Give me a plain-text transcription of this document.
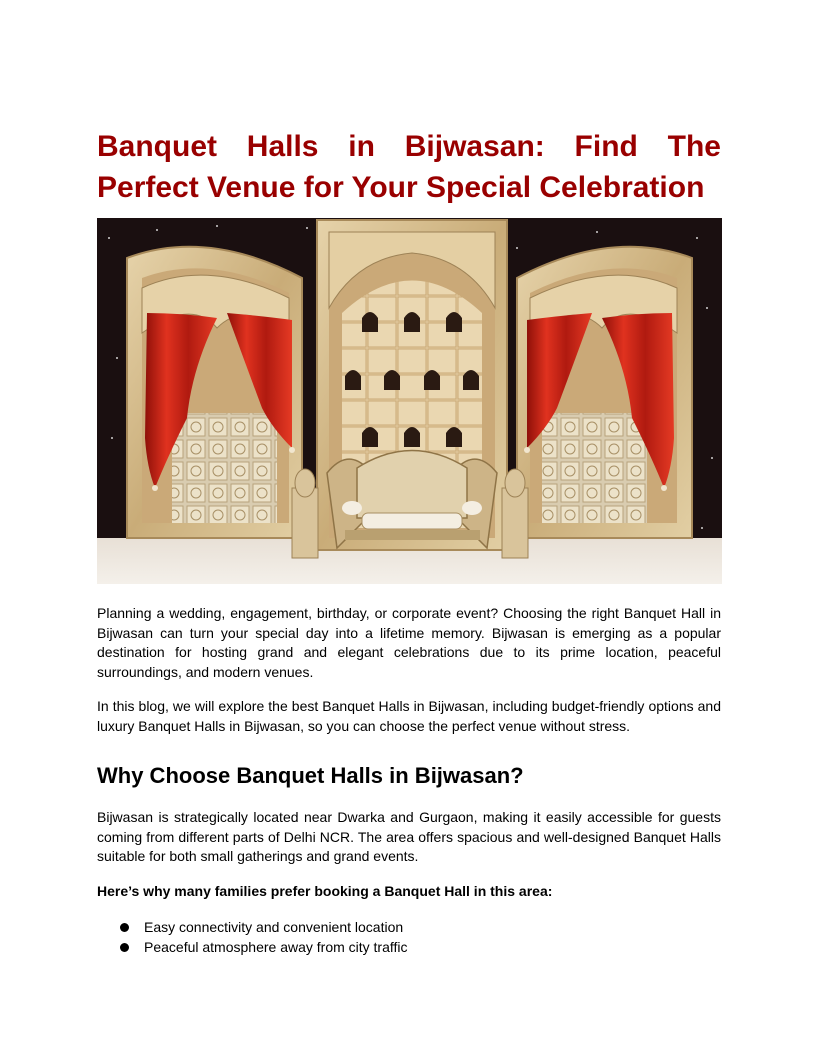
Banquet Halls in Bijwasan: Find The Perfect Venue for Your Special Celebration

Planning a wedding, engagement, birthday, or corporate event? Choosing the right Banquet Hall in Bijwasan can turn your special day into a lifetime memory. Bijwasan is emerging as a popular destination for hosting grand and elegant celebrations due to its prime location, peaceful surroundings, and modern venues.

In this blog, we will explore the best Banquet Halls in Bijwasan, including budget-friendly options and luxury Banquet Halls in Bijwasan, so you can choose the perfect venue without stress.

Why Choose Banquet Halls in Bijwasan?

Bijwasan is strategically located near Dwarka and Gurgaon, making it easily accessible for guests coming from different parts of Delhi NCR. The area offers spacious and well-designed Banquet Halls suitable for both small gatherings and grand events.

Here’s why many families prefer booking a Banquet Hall in this area:

Easy connectivity and convenient location
Peaceful atmosphere away from city traffic
